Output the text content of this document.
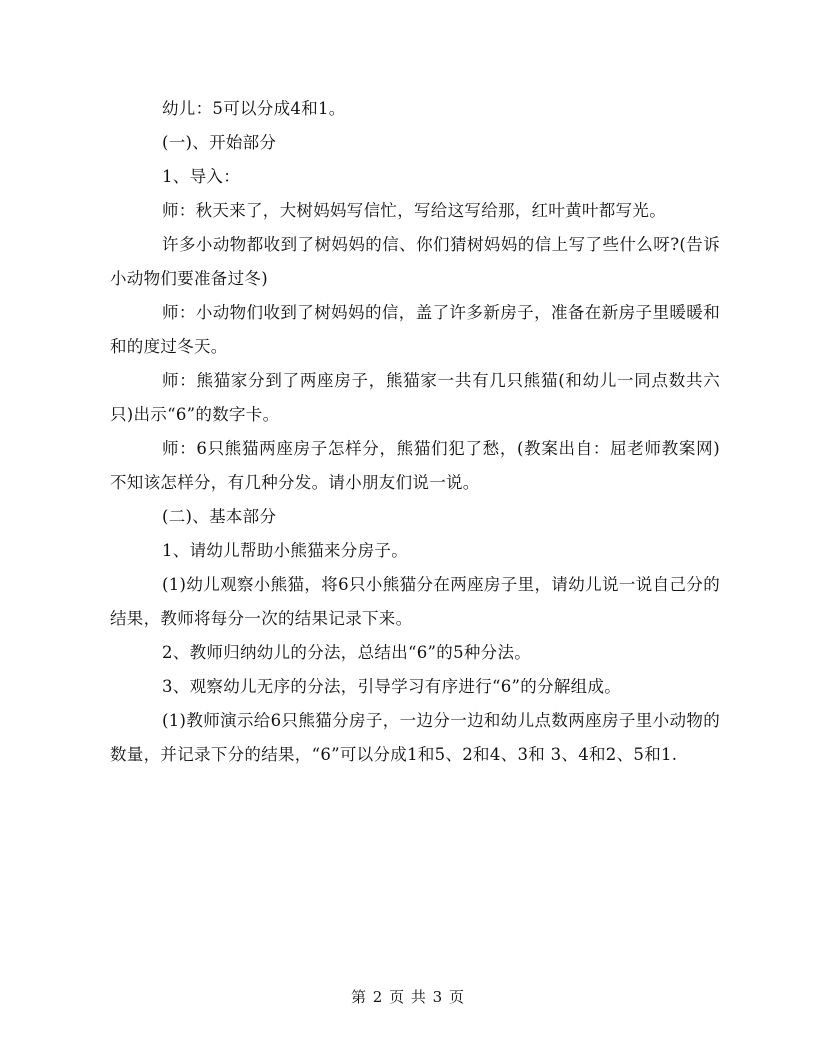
幼儿：5可以分成4和1。

(一)、开始部分

1、导入：

师：秋天来了，大树妈妈写信忙，写给这写给那，红叶黄叶都写光。

许多小动物都收到了树妈妈的信、你们猜树妈妈的信上写了些什么呀?(告诉小动物们要准备过冬)

师：小动物们收到了树妈妈的信，盖了许多新房子，准备在新房子里暖暖和和的度过冬天。

师：熊猫家分到了两座房子，熊猫家一共有几只熊猫(和幼儿一同点数共六只)出示“6”的数字卡。

师：6只熊猫两座房子怎样分，熊猫们犯了愁，(教案出自：屈老师教案网)不知该怎样分，有几种分发。请小朋友们说一说。

(二)、基本部分

1、请幼儿帮助小熊猫来分房子。

(1)幼儿观察小熊猫，将6只小熊猫分在两座房子里，请幼儿说一说自己分的结果，教师将每分一次的结果记录下来。

2、教师归纳幼儿的分法，总结出“6”的5种分法。

3、观察幼儿无序的分法，引导学习有序进行“6”的分解组成。

(1)教师演示给6只熊猫分房子，一边分一边和幼儿点数两座房子里小动物的数量，并记录下分的结果，“6”可以分成1和5、2和4、3和 3、4和2、5和1.

第 2 页 共 3 页
